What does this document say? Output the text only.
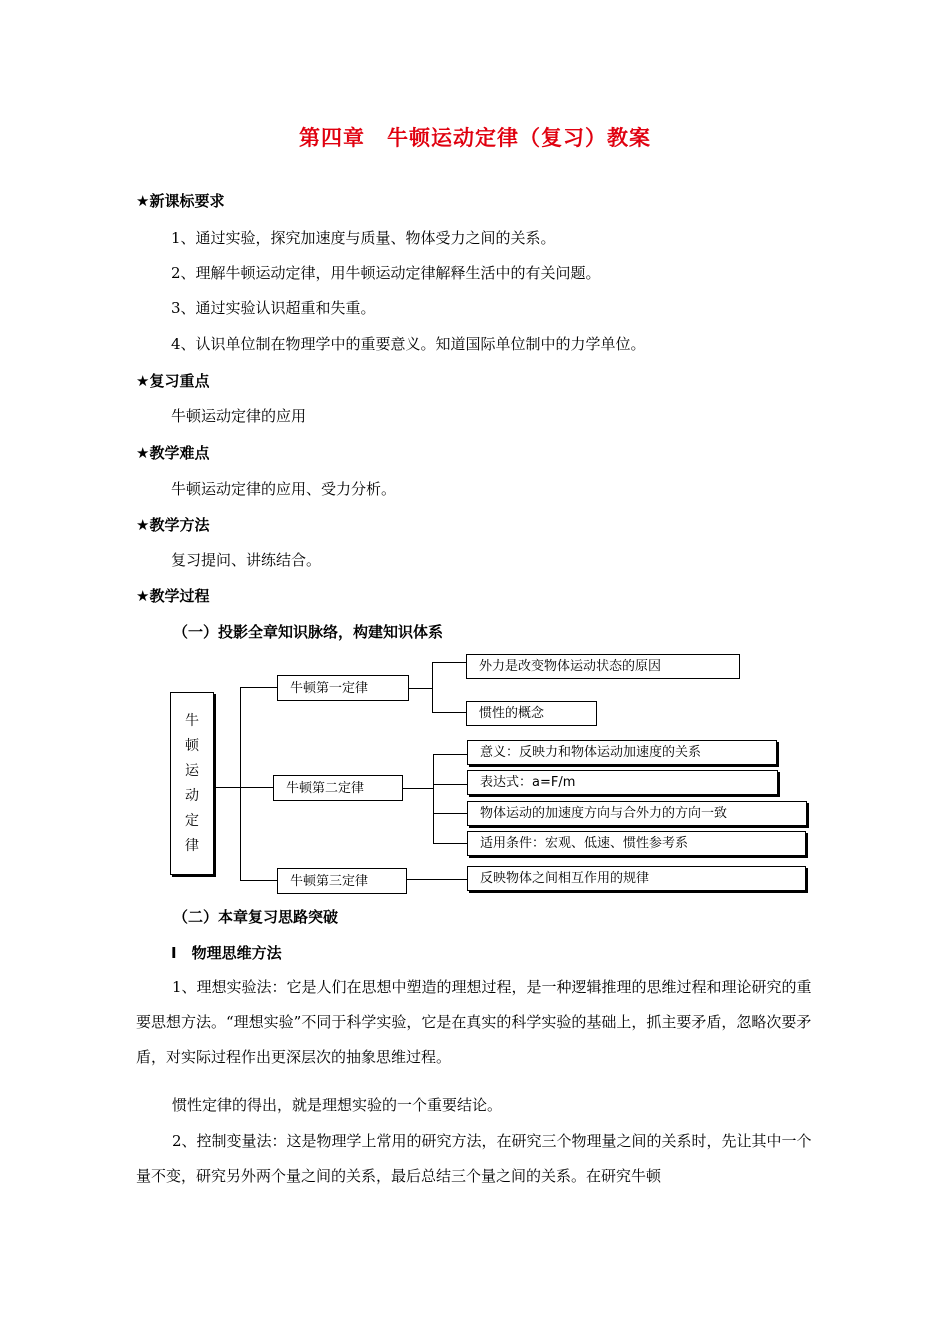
第四章　牛顿运动定律（复习）教案
★新课标要求
1、通过实验，探究加速度与质量、物体受力之间的关系。
2、理解牛顿运动定律，用牛顿运动定律解释生活中的有关问题。
3、通过实验认识超重和失重。
4、认识单位制在物理学中的重要意义。知道国际单位制中的力学单位。
★复习重点
牛顿运动定律的应用
★教学难点
牛顿运动定律的应用、受力分析。
★教学方法
复习提问、讲练结合。
★教学过程
（一）投影全章知识脉络，构建知识体系
牛
顿
运
动
定
律
牛顿第一定律
牛顿第二定律
牛顿第三定律
外力是改变物体运动状态的原因
惯性的概念
意义：反映力和物体运动加速度的关系
表达式：a=F/m
物体运动的加速度方向与合外力的方向一致
适用条件：宏观、低速、惯性参考系
反映物体之间相互作用的规律
（二）本章复习思路突破
Ⅰ　物理思维方法
1、理想实验法：它是人们在思想中塑造的理想过程，是一种逻辑推理的思维过程和理论研究的重要思想方法。“理想实验”不同于科学实验，它是在真实的科学实验的基础上，抓主要矛盾，忽略次要矛盾，对实际过程作出更深层次的抽象思维过程。
惯性定律的得出，就是理想实验的一个重要结论。
2、控制变量法：这是物理学上常用的研究方法，在研究三个物理量之间的关系时，先让其中一个量不变，研究另外两个量之间的关系，最后总结三个量之间的关系。在研究牛顿
